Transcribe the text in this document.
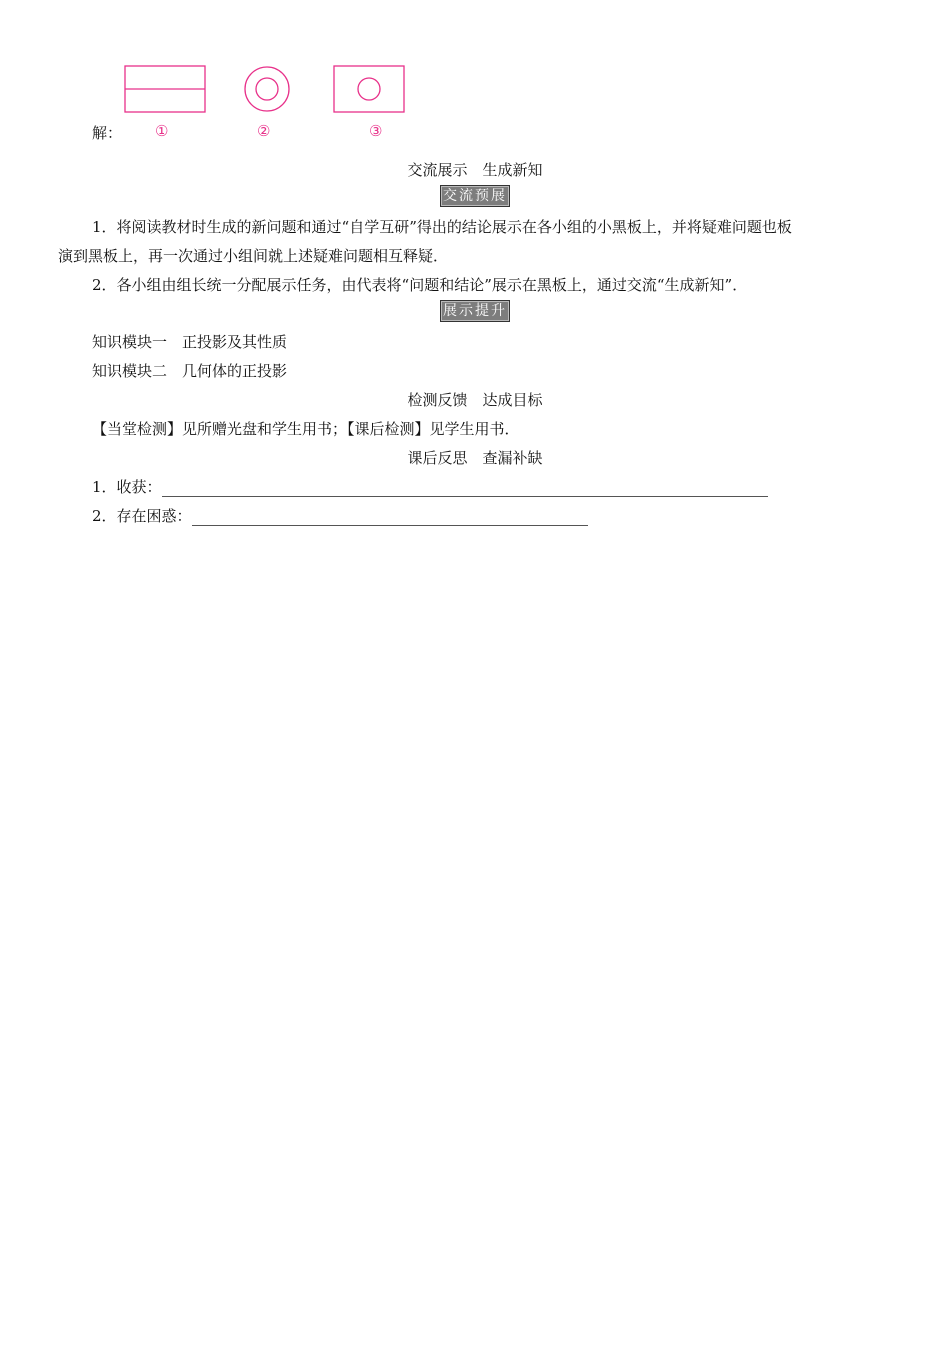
解： ①	②	③
交流展示　生成新知
交流预展
1．将阅读教材时生成的新问题和通过“自学互研”得出的结论展示在各小组的小黑板上，并将疑难问题也板
演到黑板上，再一次通过小组间就上述疑难问题相互释疑．
2．各小组由组长统一分配展示任务，由代表将“问题和结论”展示在黑板上，通过交流“生成新知”．
展示提升
知识模块一　正投影及其性质
知识模块二　几何体的正投影
检测反馈　达成目标
【当堂检测】见所赠光盘和学生用书；【课后检测】见学生用书．
课后反思　查漏补缺
1．收获：
2．存在困惑：
